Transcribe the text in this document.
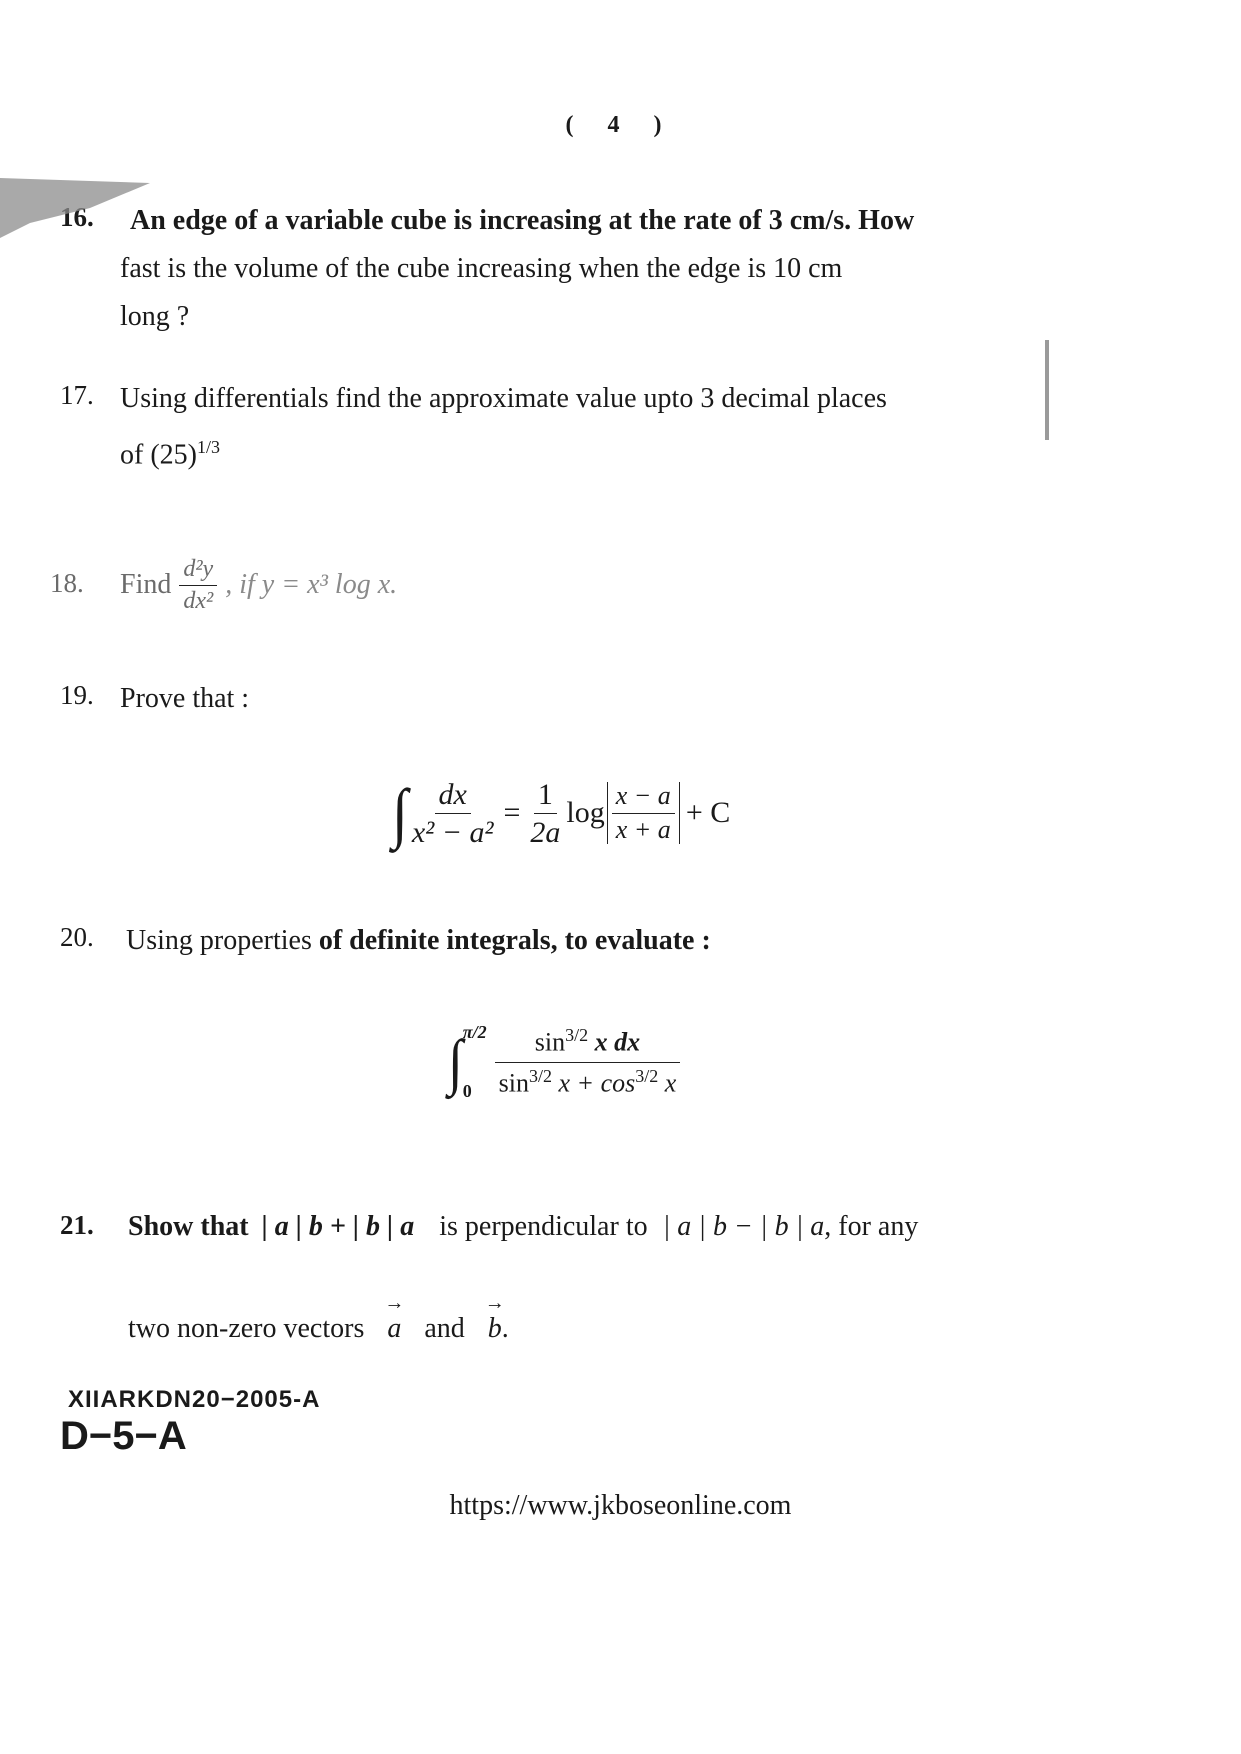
( 4 )
16. An edge of a variable cube is increasing at the rate of 3 cm/s. How
fast is the volume of the cube increasing when the edge is 10 cm
long ?
17. Using differentials find the approximate value upto 3 decimal places
of $(25)^{1/3}$
18. Find $\frac{\text{d²y}}{\text{dx²}}$ , if y = x³ log x.
19. Prove that :
∫ $\frac{dx}{\text{x² − a²}} = \frac{1}{2a}$ $\log \frac{x - a}{x + a} + C$
20. Using properties of definite integrals, to evaluate :
∫ π/2
$0 \frac{\sin^{3/2} x dx}{\sin^{3/2} x + \cos^{3/2} x}$
21. Show that | a | b + | b | a is perpendicular to | a | b − | b | a, for any
two non-zero vectors → a and → b.
XIIARKDN20−2005-A
D−5−A
https://www.jkboseonline.com
